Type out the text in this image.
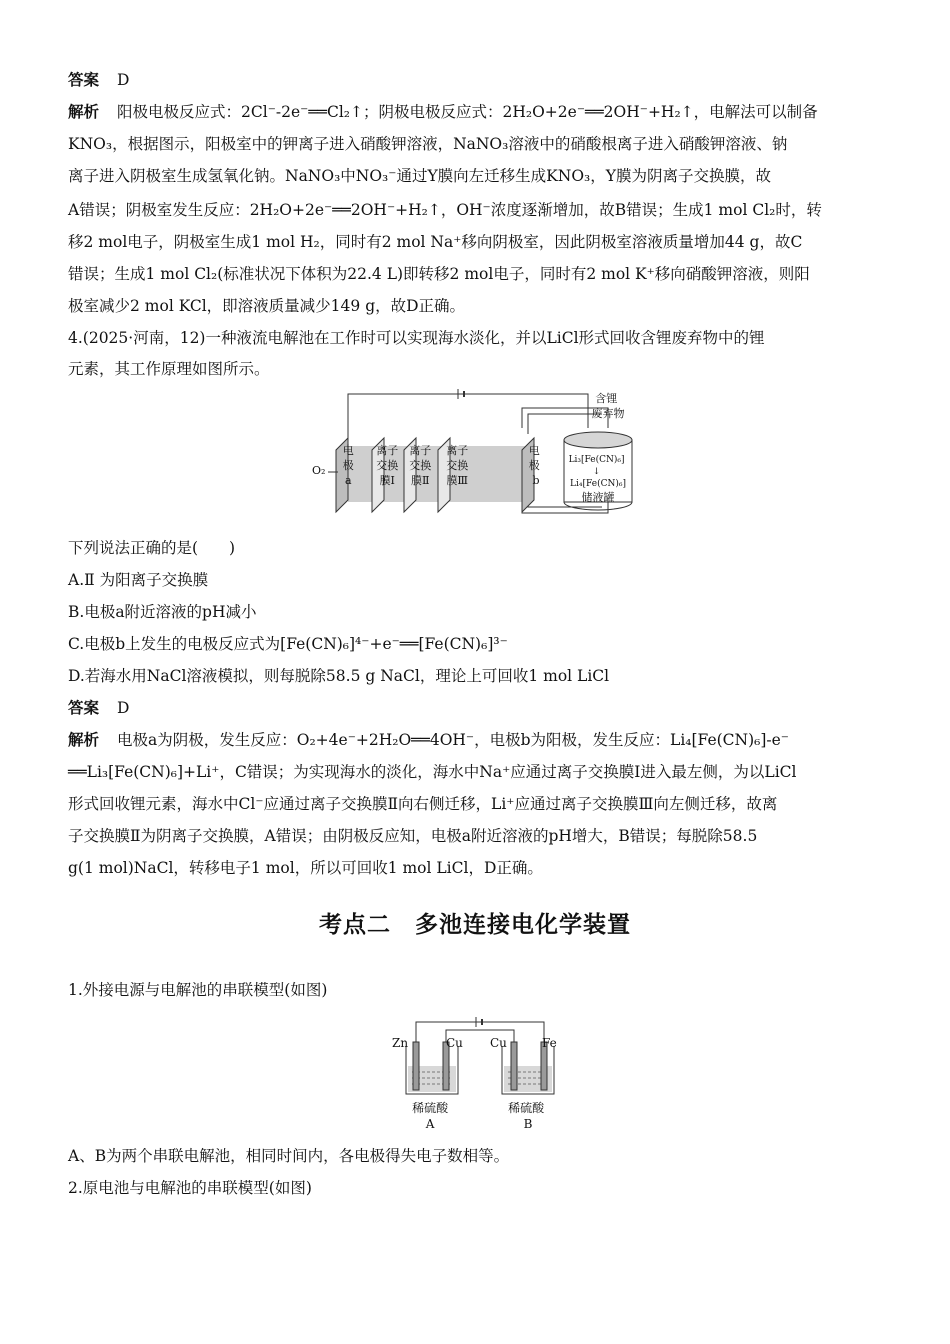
答案 D
解析 阳极电极反应式：2Cl⁻-2e⁻══Cl₂↑；阴极电极反应式：2H₂O+2e⁻══2OH⁻+H₂↑，电解法可以制备
KNO₃，根据图示，阳极室中的钾离子进入硝酸钾溶液，NaNO₃溶液中的硝酸根离子进入硝酸钾溶液、钠
离子进入阴极室生成氢氧化钠。NaNO₃中NO₃⁻通过Y膜向左迁移生成KNO₃，Y膜为阴离子交换膜，故
A错误；阴极室发生反应：2H₂O+2e⁻══2OH⁻+H₂↑，OH⁻浓度逐渐增加，故B错误；生成1 mol Cl₂时，转
移2 mol电子，阴极室生成1 mol H₂，同时有2 mol Na⁺移向阴极室，因此阴极室溶液质量增加44 g，故C
错误；生成1 mol Cl₂(标准状况下体积为22.4 L)即转移2 mol电子，同时有2 mol K⁺移向硝酸钾溶液，则阳
极室减少2 mol KCl，即溶液质量减少149 g，故D正确。
4.(2025·河南，12)一种液流电解池在工作时可以实现海水淡化，并以LiCl形式回收含锂废弃物中的锂
元素，其工作原理如图所示。
O₂
电 极 a 离子 交换 膜Ⅰ 离子 交换 膜Ⅱ 离子 交换 膜Ⅲ 电 极 b
含锂 废弃物
Li₃[Fe(CN)₆] ↓ Li₄[Fe(CN)₆]
储液罐
下列说法正确的是(　　)
A.Ⅱ 为阳离子交换膜
B.电极a附近溶液的pH减小
C.电极b上发生的电极反应式为[Fe(CN)₆]⁴⁻+e⁻══[Fe(CN)₆]³⁻
D.若海水用NaCl溶液模拟，则每脱除58.5 g NaCl，理论上可回收1 mol LiCl
答案 D
解析 电极a为阴极，发生反应：O₂+4e⁻+2H₂O══4OH⁻，电极b为阳极，发生反应：Li₄[Fe(CN)₆]-e⁻
══Li₃[Fe(CN)₆]+Li⁺，C错误；为实现海水的淡化，海水中Na⁺应通过离子交换膜Ⅰ进入最左侧，为以LiCl
形式回收锂元素，海水中Cl⁻应通过离子交换膜Ⅱ向右侧迁移，Li⁺应通过离子交换膜Ⅲ向左侧迁移，故离
子交换膜Ⅱ为阴离子交换膜，A错误；由阴极反应知，电极a附近溶液的pH增大，B错误；每脱除58.5
g(1 mol)NaCl，转移电子1 mol，所以可回收1 mol LiCl，D正确。
考点二　多池连接电化学装置
1.外接电源与电解池的串联模型(如图)
Zn	Cu Cu	Fe
稀硫酸	稀硫酸 A	B
A、B为两个串联电解池，相同时间内，各电极得失电子数相等。
2.原电池与电解池的串联模型(如图)
